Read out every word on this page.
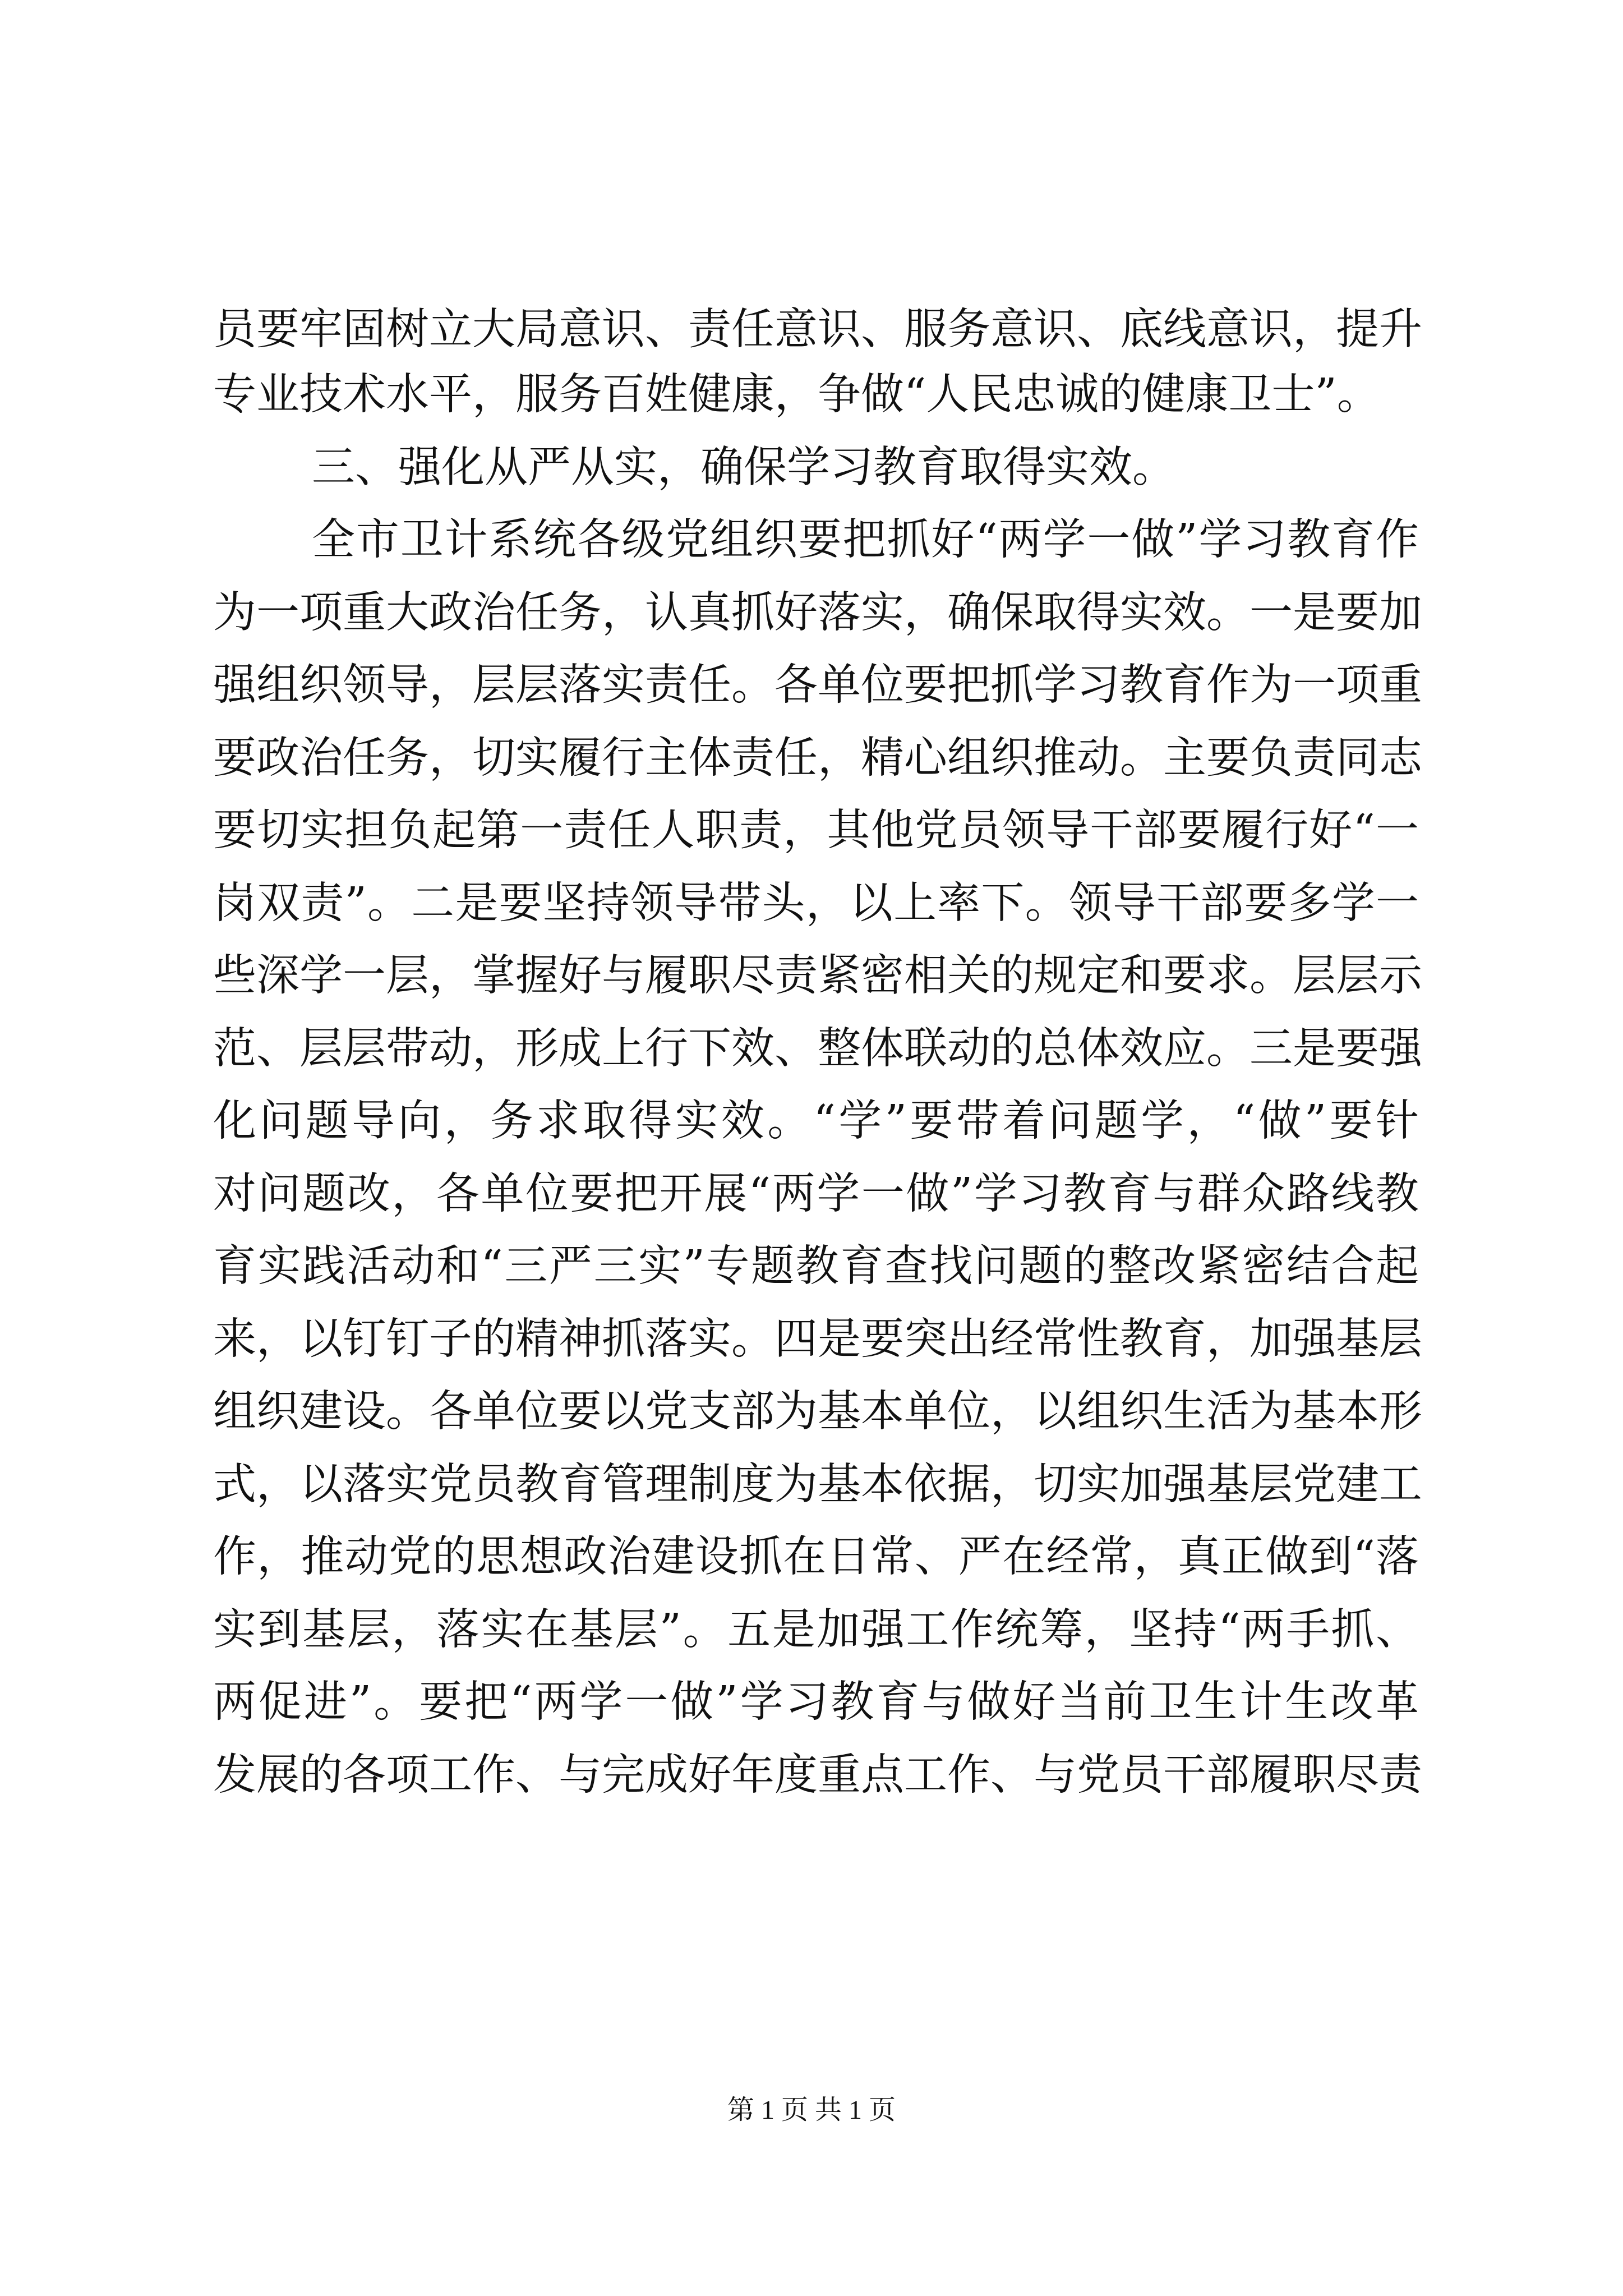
员要牢固树立大局意识、责任意识、服务意识、底线意识，提升
专业技术水平，服务百姓健康，争做“人民忠诚的健康卫士”。
三、强化从严从实，确保学习教育取得实效。
全市卫计系统各级党组织要把抓好“两学一做”学习教育作
为一项重大政治任务，认真抓好落实，确保取得实效。一是要加
强组织领导，层层落实责任。各单位要把抓学习教育作为一项重
要政治任务，切实履行主体责任，精心组织推动。主要负责同志
要切实担负起第一责任人职责，其他党员领导干部要履行好“一
岗双责”。二是要坚持领导带头，以上率下。领导干部要多学一
些深学一层，掌握好与履职尽责紧密相关的规定和要求。层层示
范、层层带动，形成上行下效、整体联动的总体效应。三是要强
化问题导向，务求取得实效。“学”要带着问题学，“做”要针
对问题改，各单位要把开展“两学一做”学习教育与群众路线教
育实践活动和“三严三实”专题教育查找问题的整改紧密结合起
来，以钉钉子的精神抓落实。四是要突出经常性教育，加强基层
组织建设。各单位要以党支部为基本单位，以组织生活为基本形
式，以落实党员教育管理制度为基本依据，切实加强基层党建工
作，推动党的思想政治建设抓在日常、严在经常，真正做到“落
实到基层，落实在基层”。五是加强工作统筹，坚持“两手抓、
两促进”。要把“两学一做”学习教育与做好当前卫生计生改革
发展的各项工作、与完成好年度重点工作、与党员干部履职尽责
第 1 页 共 1 页
